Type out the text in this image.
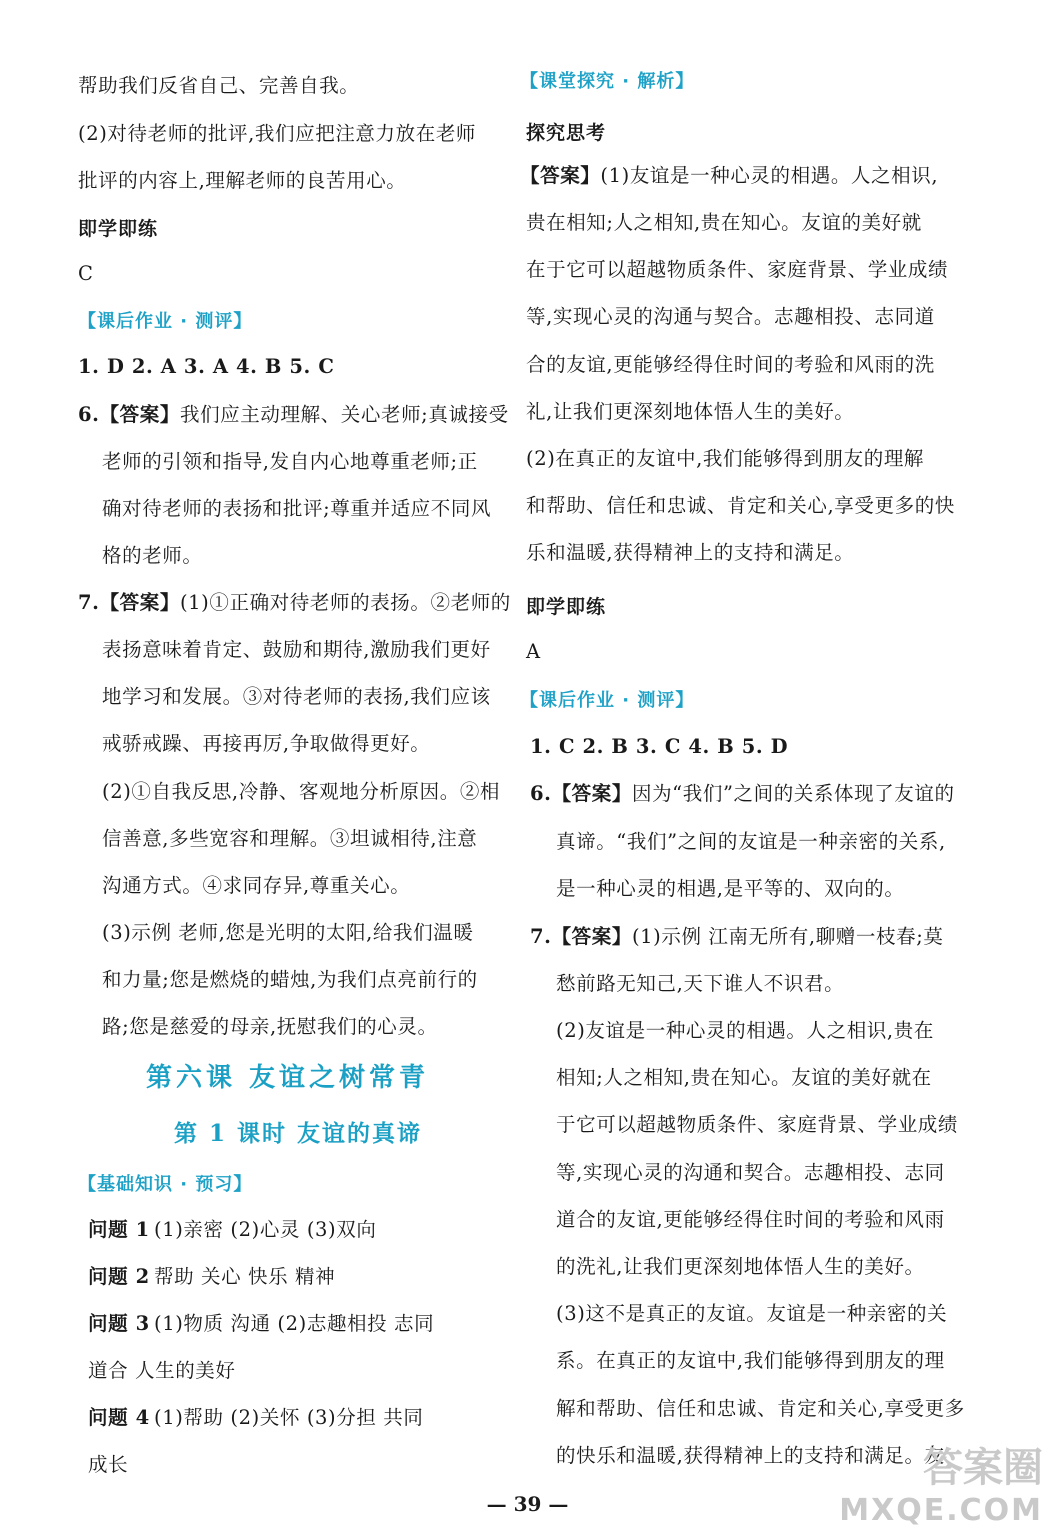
帮助我们反省自己、完善自我。
(2)对待老师的批评,我们应把注意力放在老师
批评的内容上,理解老师的良苦用心。
即学即练
C
【课后作业 · 测评】
1. D 2. A 3. A 4. B 5. C
6.【答案】我们应主动理解、关心老师;真诚接受
老师的引领和指导,发自内心地尊重老师;正
确对待老师的表扬和批评;尊重并适应不同风
格的老师。
7.【答案】(1)①正确对待老师的表扬。②老师的
表扬意味着肯定、鼓励和期待,激励我们更好
地学习和发展。③对待老师的表扬,我们应该
戒骄戒躁、再接再厉,争取做得更好。
(2)①自我反思,冷静、客观地分析原因。②相
信善意,多些宽容和理解。③坦诚相待,注意
沟通方式。④求同存异,尊重关心。
(3)示例 老师,您是光明的太阳,给我们温暖
和力量;您是燃烧的蜡烛,为我们点亮前行的
路;您是慈爱的母亲,抚慰我们的心灵。
第六课 友谊之树常青
第 1 课时 友谊的真谛
【基础知识 · 预习】
问题 1 (1)亲密 (2)心灵 (3)双向
问题 2 帮助 关心 快乐 精神
问题 3 (1)物质 沟通 (2)志趣相投 志同
道合 人生的美好
问题 4 (1)帮助 (2)关怀 (3)分担 共同
成长
【课堂探究 · 解析】
探究思考
【答案】(1)友谊是一种心灵的相遇。人之相识,
贵在相知;人之相知,贵在知心。友谊的美好就
在于它可以超越物质条件、家庭背景、学业成绩
等,实现心灵的沟通与契合。志趣相投、志同道
合的友谊,更能够经得住时间的考验和风雨的洗
礼,让我们更深刻地体悟人生的美好。
(2)在真正的友谊中,我们能够得到朋友的理解
和帮助、信任和忠诚、肯定和关心,享受更多的快
乐和温暖,获得精神上的支持和满足。
即学即练
A
【课后作业 · 测评】
1. C 2. B 3. C 4. B 5. D
6.【答案】因为“我们”之间的关系体现了友谊的
真谛。“我们”之间的友谊是一种亲密的关系,
是一种心灵的相遇,是平等的、双向的。
7.【答案】(1)示例 江南无所有,聊赠一枝春;莫
愁前路无知己,天下谁人不识君。
(2)友谊是一种心灵的相遇。人之相识,贵在
相知;人之相知,贵在知心。友谊的美好就在
于它可以超越物质条件、家庭背景、学业成绩
等,实现心灵的沟通和契合。志趣相投、志同
道合的友谊,更能够经得住时间的考验和风雨
的洗礼,让我们更深刻地体悟人生的美好。
(3)这不是真正的友谊。友谊是一种亲密的关
系。在真正的友谊中,我们能够得到朋友的理
解和帮助、信任和忠诚、肯定和关心,享受更多
的快乐和温暖,获得精神上的支持和满足。友
— 39 —
答案圈
MXQE.COM
